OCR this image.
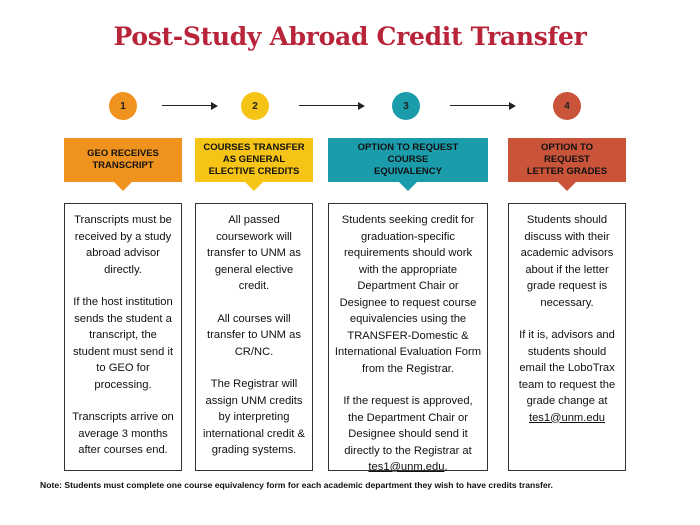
Post-Study Abroad Credit Transfer
1	2	3	4
GEO RECEIVES TRANSCRIPT
COURSES TRANSFER AS GENERAL ELECTIVE CREDITS
OPTION TO REQUEST COURSE EQUIVALENCY
OPTION TO REQUEST LETTER GRADES

Transcripts must be received by a study abroad advisor directly.

If the host institution sends the student a transcript, the student must send it to GEO for processing.

Transcripts arrive on average 3 months after courses end.

All passed coursework will transfer to UNM as general elective credit.

All courses will transfer to UNM as CR/NC.

The Registrar will assign UNM credits by interpreting international credit & grading systems.

Students seeking credit for graduation-specific requirements should work with the appropriate Department Chair or Designee to request course equivalencies using the TRANSFER-Domestic & International Evaluation Form from the Registrar.

If the request is approved, the Department Chair or Designee should send it directly to the Registrar at tes1@unm.edu.

Students should discuss with their academic advisors about if the letter grade request is necessary.

If it is, advisors and students should email the LoboTrax team to request the grade change at tes1@unm.edu

Note: Students must complete one course equivalency form for each academic department they wish to have credits transfer.
